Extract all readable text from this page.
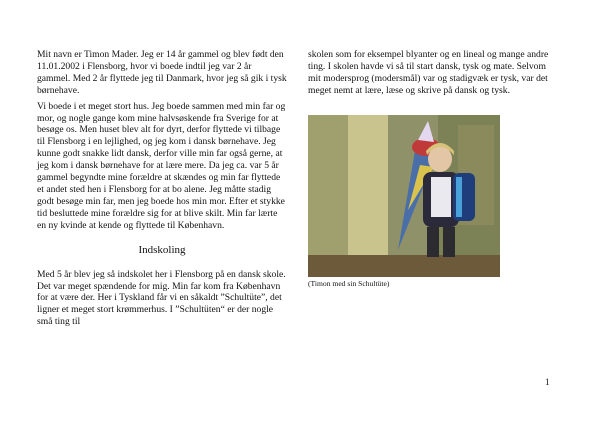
Mit navn er Timon Mader. Jeg er 14 år gammel og blev født den 11.01.2002 i Flensborg, hvor vi boede indtil jeg var 2 år gammel. Med 2 år flyttede jeg til Danmark, hvor jeg så gik i tysk børnehave.

Vi boede i et meget stort hus. Jeg boede sammen med min far og mor, og nogle gange kom mine halvsøskende fra Sverige for at besøge os. Men huset blev alt for dyrt, derfor flyttede vi tilbage til Flensborg i en lejlighed, og jeg kom i dansk børnehave. Jeg kunne godt snakke lidt dansk, derfor ville min far også gerne, at jeg kom i dansk børnehave for at lære mere. Da jeg ca. var 5 år gammel begyndte mine forældre at skændes og min far flyttede et andet sted hen i Flensborg for at bo alene. Jeg måtte stadig godt besøge min far, men jeg boede hos min mor. Efter et stykke tid besluttede mine forældre sig for at blive skilt. Min far lærte en ny kvinde at kende og flyttede til København.

Indskoling

Med 5 år blev jeg så indskolet her i Flensborg på en dansk skole. Det var meget spændende for mig. Min far kom fra København for at være der. Her i Tyskland får vi en såkaldt ”Schultüte”, det ligner et meget stort krømmerhus. I ”Schultüten“ er der nogle små ting til

skolen som for eksempel blyanter og en lineal og mange andre ting. I skolen havde vi så til start dansk, tysk og mate. Selvom mit modersprog (modersmål) var og stadigvæk er tysk, var det meget nemt at lære, læse og skrive på dansk og tysk.

(Timon med sin Schultüte)
1
